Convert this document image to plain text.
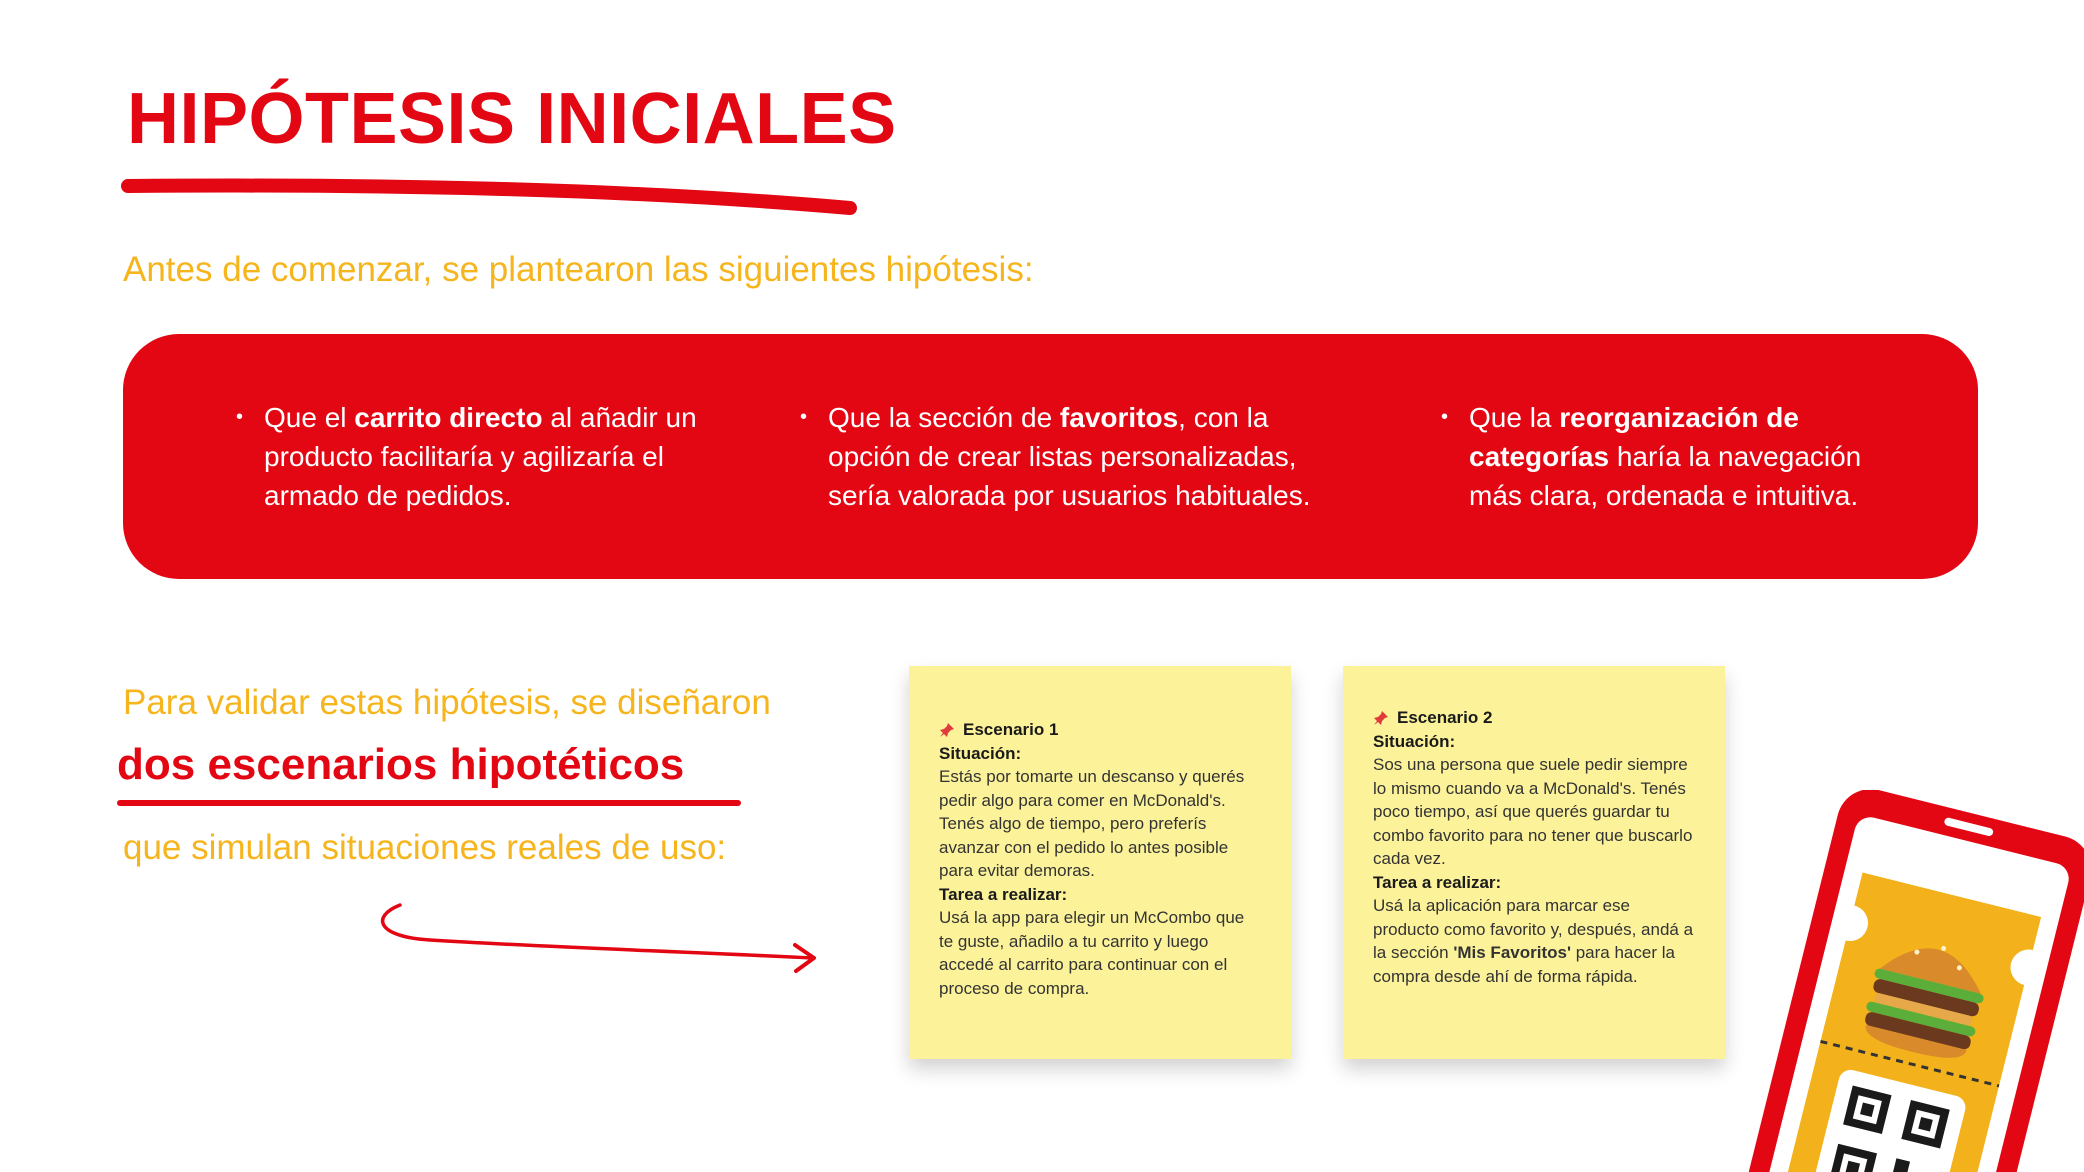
HIPÓTESIS INICIALES
Antes de comenzar, se plantearon las siguientes hipótesis:
• Que el carrito directo al añadir un producto facilitaría y agilizaría el armado de pedidos.
• Que la sección de favoritos, con la opción de crear listas personalizadas, sería valorada por usuarios habituales.
• Que la reorganización de categorías haría la navegación más clara, ordenada e intuitiva.
Para validar estas hipótesis, se diseñaron
dos escenarios hipotéticos
que simulan situaciones reales de uso:
Escenario 1
Situación:
Estás por tomarte un descanso y querés pedir algo para comer en McDonald's. Tenés algo de tiempo, pero preferís avanzar con el pedido lo antes posible para evitar demoras.
Tarea a realizar:
Usá la app para elegir un McCombo que te guste, añadilo a tu carrito y luego accedé al carrito para continuar con el proceso de compra.
Escenario 2
Situación:
Sos una persona que suele pedir siempre lo mismo cuando va a McDonald's. Tenés poco tiempo, así que querés guardar tu combo favorito para no tener que buscarlo cada vez.
Tarea a realizar:
Usá la aplicación para marcar ese producto como favorito y, después, andá a la sección 'Mis Favoritos' para hacer la compra desde ahí de forma rápida.
